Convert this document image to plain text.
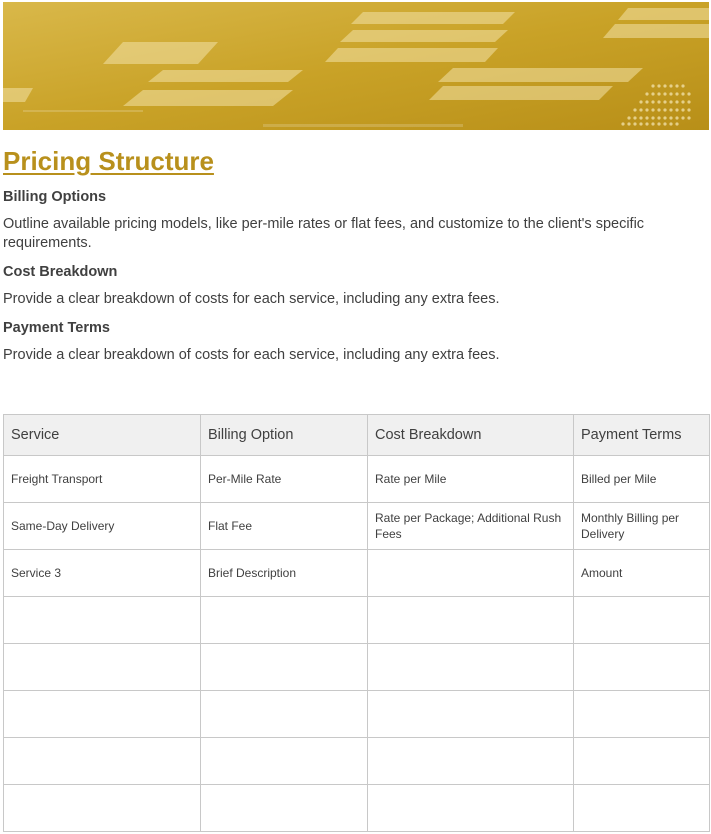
Pricing Structure
Billing Options

Outline available pricing models, like per-mile rates or flat fees, and customize to the client's specific requirements.

Cost Breakdown

Provide a clear breakdown of costs for each service, including any extra fees.

Payment Terms

Provide a clear breakdown of costs for each service, including any extra fees.

Service	Billing Option	Cost Breakdown	Payment Terms
Freight Transport	Per-Mile Rate	Rate per Mile	Billed per Mile
Same-Day Delivery	Flat Fee	Rate per Package; Additional Rush Fees	Monthly Billing per Delivery
Service 3	Brief Description		Amount
